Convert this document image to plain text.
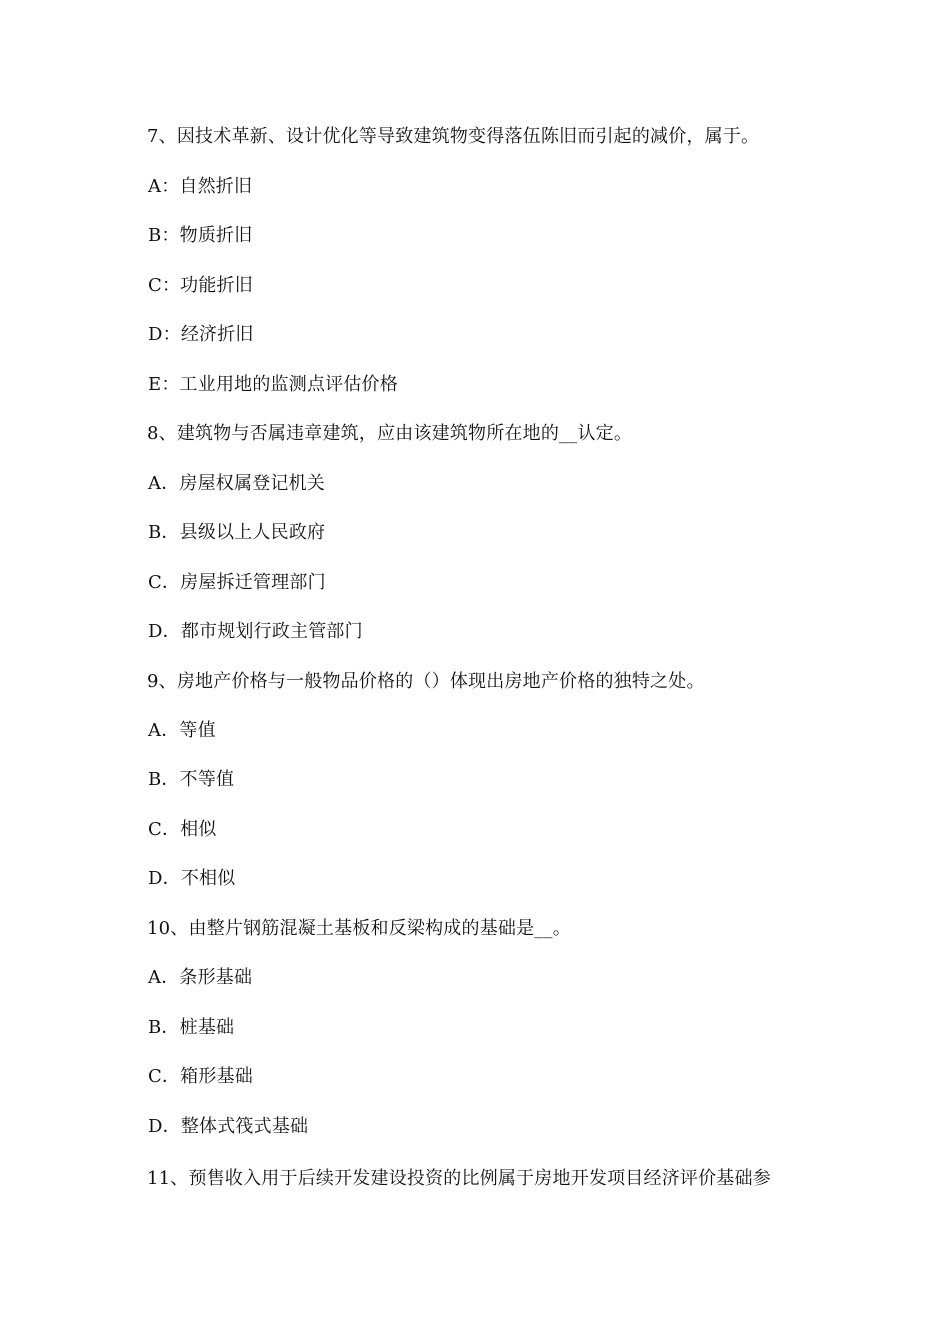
7、因技术革新、设计优化等导致建筑物变得落伍陈旧而引起的减价，属于。
A：自然折旧
B：物质折旧
C：功能折旧
D：经济折旧
E：工业用地的监测点评估价格
8、建筑物与否属违章建筑，应由该建筑物所在地的__认定。
A．房屋权属登记机关
B．县级以上人民政府
C．房屋拆迁管理部门
D．都市规划行政主管部门
9、房地产价格与一般物品价格的（）体现出房地产价格的独特之处。
A．等值
B．不等值
C．相似
D．不相似
10、由整片钢筋混凝土基板和反梁构成的基础是__。
A．条形基础
B．桩基础
C．箱形基础
D．整体式筏式基础
11、预售收入用于后续开发建设投资的比例属于房地开发项目经济评价基础参
